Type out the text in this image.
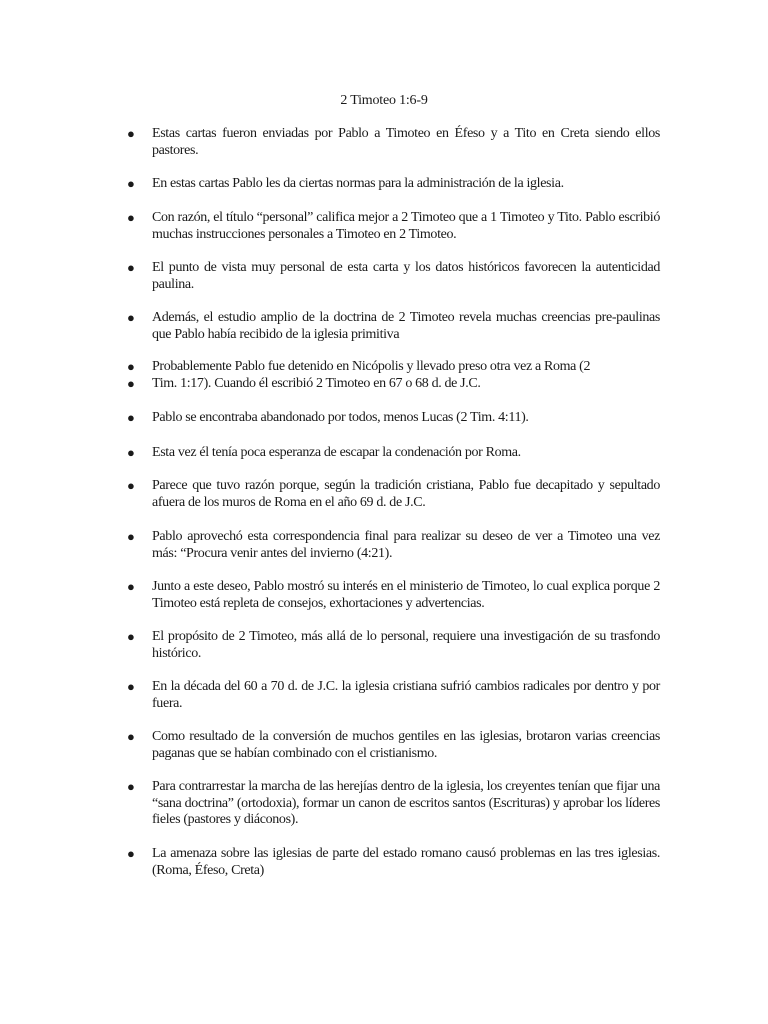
2 Timoteo 1:6-9
● Estas cartas fueron enviadas por Pablo a Timoteo en Éfeso y a Tito en Creta siendo ellos pastores.
● En estas cartas Pablo les da ciertas normas para la administración de la iglesia.
● Con razón, el título “personal” califica mejor a 2 Timoteo que a 1 Timoteo y Tito. Pablo escribió muchas instrucciones personales a Timoteo en 2 Timoteo.
● El punto de vista muy personal de esta carta y los datos históricos favorecen la autenticidad paulina.
● Además, el estudio amplio de la doctrina de 2 Timoteo revela muchas creencias pre-paulinas que Pablo había recibido de la iglesia primitiva
● Probablemente Pablo fue detenido en Nicópolis y llevado preso otra vez a Roma (2
● Tim. 1:17). Cuando él escribió 2 Timoteo en 67 o 68 d. de J.C.
● Pablo se encontraba abandonado por todos, menos Lucas (2 Tim. 4:11).
● Esta vez él tenía poca esperanza de escapar la condenación por Roma.
● Parece que tuvo razón porque, según la tradición cristiana, Pablo fue decapitado y sepultado afuera de los muros de Roma en el año 69 d. de J.C.
● Pablo aprovechó esta correspondencia final para realizar su deseo de ver a Timoteo una vez más: “Procura venir antes del invierno (4:21).
● Junto a este deseo, Pablo mostró su interés en el ministerio de Timoteo, lo cual explica porque 2 Timoteo está repleta de consejos, exhortaciones y advertencias.
● El propósito de 2 Timoteo, más allá de lo personal, requiere una investigación de su trasfondo histórico.
● En la década del 60 a 70 d. de J.C. la iglesia cristiana sufrió cambios radicales por dentro y por fuera.
● Como resultado de la conversión de muchos gentiles en las iglesias, brotaron varias creencias paganas que se habían combinado con el cristianismo.
● Para contrarrestar la marcha de las herejías dentro de la iglesia, los creyentes tenían que fijar una “sana doctrina” (ortodoxia), formar un canon de escritos santos (Escrituras) y aprobar los líderes fieles (pastores y diáconos).
● La amenaza sobre las iglesias de parte del estado romano causó problemas en las tres iglesias. (Roma, Éfeso, Creta)
